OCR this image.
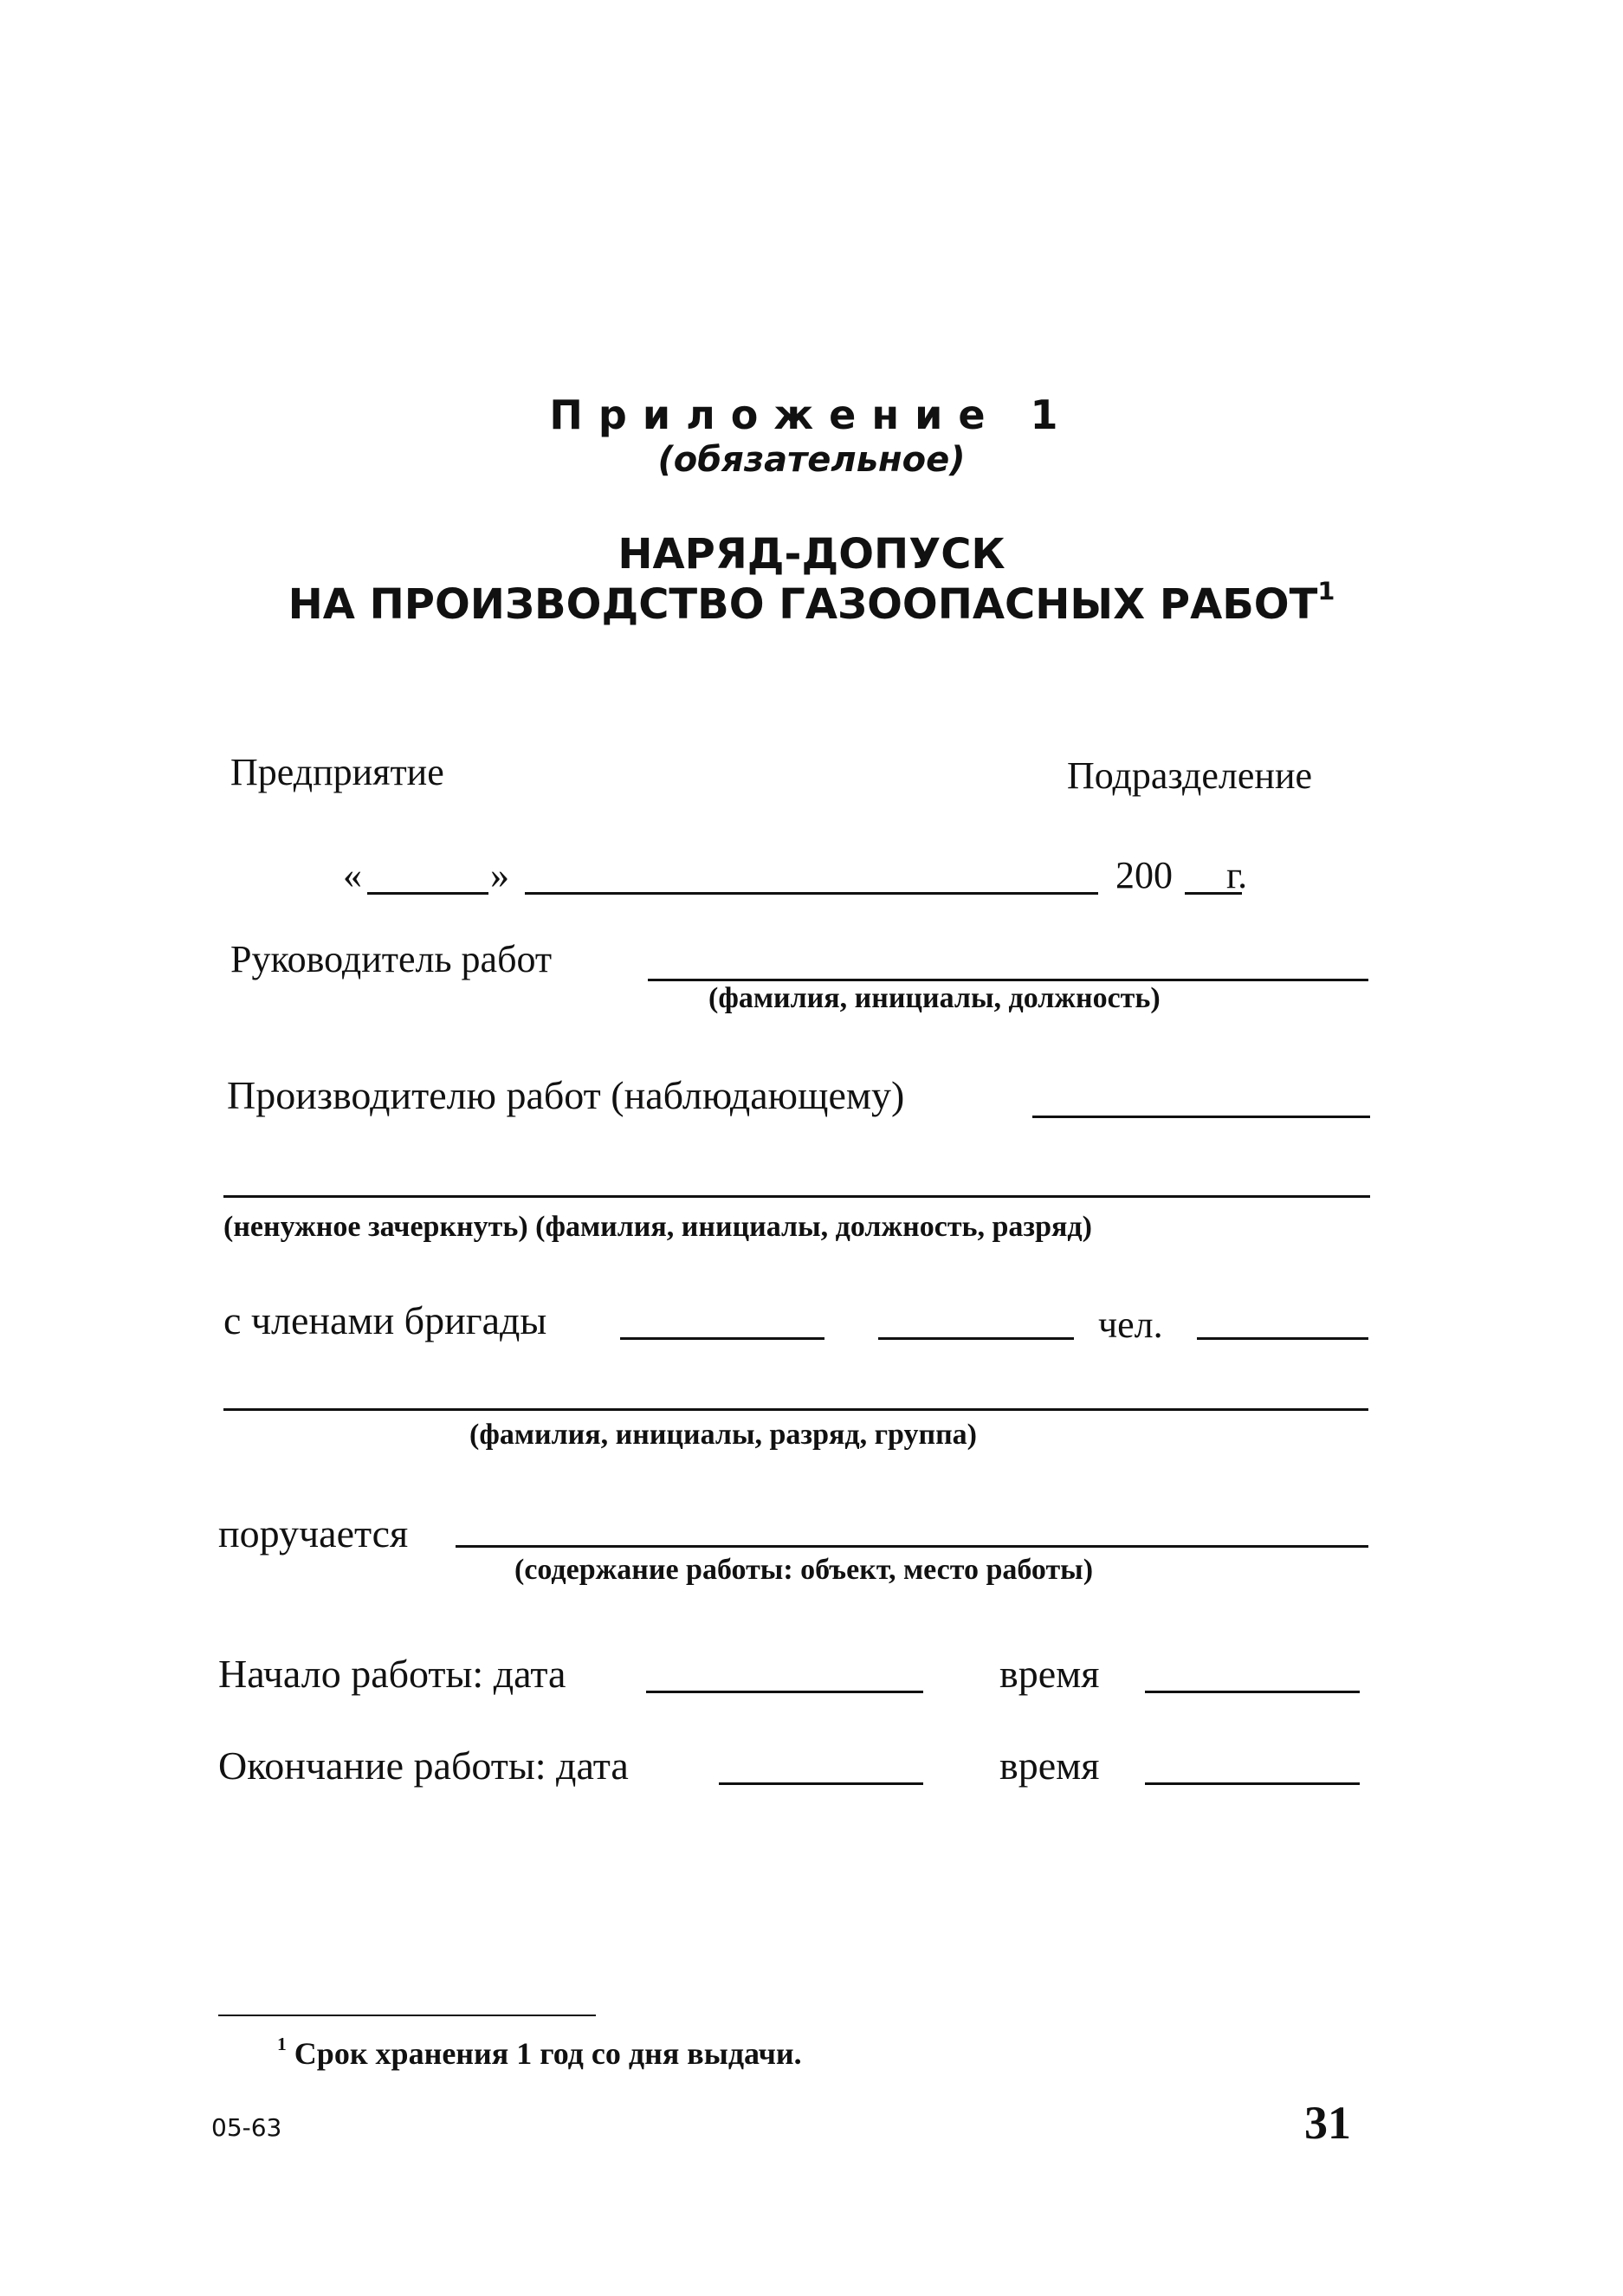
Приложение 1
(обязательное)
НАРЯД-ДОПУСК
НА ПРОИЗВОДСТВО ГАЗООПАСНЫХ РАБОТ$^1$
Предприятие	Подразделение
«	»	200 г.
Руководитель работ
(фамилия, инициалы, должность)
Производителю работ (наблюдающему)
(ненужное зачеркнуть) (фамилия, инициалы, должность, разряд)
с членами бригады	чел.
(фамилия, инициалы, разряд, группа)
поручается
(содержание работы: объект, место работы)
Начало работы: дата	время
Окончание работы: дата	время
$^1$ Срок хранения 1 год со дня выдачи.
05-63	31
